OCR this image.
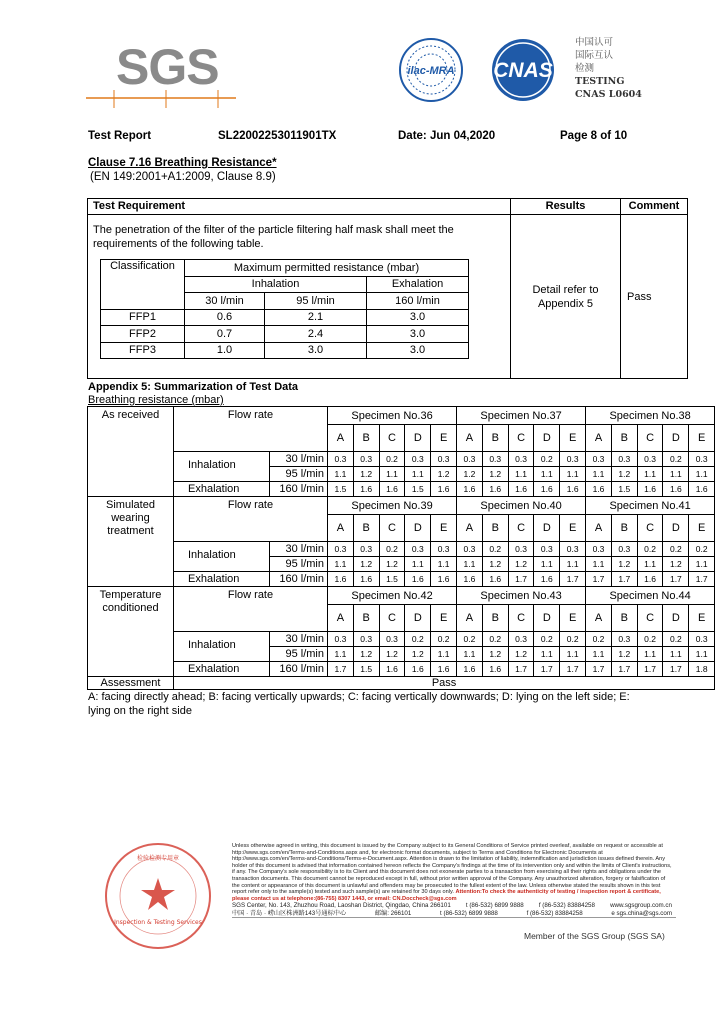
SGS	ilac-MRA CNAS
中国认可
国际互认
检测
TESTING
CNAS L0604
Test Report	SL22002253011901TX	Date: Jun 04,2020	Page 8 of 10
Clause 7.16 Breathing Resistance*
(EN 149:2001+A1:2009, Clause 8.9)
Test Requirement	Results	Comment

The penetration of the filter of the particle filtering half mask shall meet the requirements of the following table.
Classification	Maximum permitted resistance (mbar)
Inhalation	Exhalation
30 l/min	95 l/min	160 l/min
FFP1	0.6	2.1	3.0
FFP2	0.7	2.4	3.0
FFP3	1.0	3.0	3.0
	Detail refer to Appendix 5	Pass
Appendix 5: Summarization of Test Data
Breathing resistance (mbar)
As received	Flow rate		Specimen No.36					Specimen No.37					Specimen No.38				
			A	B	C	D	E	A	B	C	D	E	A	B	C	D	E
	Inhalation	30 l/min	0.3	0.3	0.2	0.3	0.3	0.3	0.3	0.3	0.2	0.3	0.3	0.3	0.3	0.2	0.3
		95 l/min	1.1	1.2	1.1	1.1	1.2	1.2	1.2	1.1	1.1	1.1	1.1	1.2	1.1	1.1	1.1
	Exhalation	160 l/min	1.5	1.6	1.6	1.5	1.6	1.6	1.6	1.6	1.6	1.6	1.6	1.5	1.6	1.6	1.6
Simulated wearing treatment	Flow rate		Specimen No.39					Specimen No.40					Specimen No.41				
			A	B	C	D	E	A	B	C	D	E	A	B	C	D	E
	Inhalation	30 l/min	0.3	0.3	0.2	0.3	0.3	0.3	0.2	0.3	0.3	0.3	0.3	0.3	0.2	0.2	0.2
		95 l/min	1.1	1.2	1.2	1.1	1.1	1.1	1.2	1.2	1.1	1.1	1.1	1.2	1.1	1.2	1.1
	Exhalation	160 l/min	1.6	1.6	1.5	1.6	1.6	1.6	1.6	1.7	1.6	1.7	1.7	1.7	1.6	1.7	1.7
Temperature conditioned	Flow rate		Specimen No.42					Specimen No.43					Specimen No.44				
			A	B	C	D	E	A	B	C	D	E	A	B	C	D	E
	Inhalation	30 l/min	0.3	0.3	0.3	0.2	0.2	0.2	0.2	0.3	0.2	0.2	0.2	0.3	0.2	0.2	0.3
		95 l/min	1.1	1.2	1.2	1.2	1.1	1.1	1.2	1.2	1.1	1.1	1.1	1.2	1.1	1.1	1.1
	Exhalation	160 l/min	1.7	1.5	1.6	1.6	1.6	1.6	1.6	1.7	1.7	1.7	1.7	1.7	1.7	1.7	1.8
Assessment	Pass																
A: facing directly ahead; B: facing vertically upwards; C: facing vertically downwards; D: lying on the left side; E: lying on the right side
Inspection & Testing Services
检验检测专用章
Unless otherwise agreed in writing, this document is issued by the Company subject to its General Conditions of Service printed overleaf, available on request or accessible at http://www.sgs.com/en/Terms-and-Conditions.aspx and, for electronic format documents, subject to Terms and Conditions for Electronic Documents at http://www.sgs.com/en/Terms-and-Conditions/Terms-e-Document.aspx. Attention is drawn to the limitation of liability, indemnification and jurisdiction issues defined therein. Any holder of this document is advised that information contained hereon reflects the Company's findings at the time of its intervention only and within the limits of Client's instructions, if any. The Company's sole responsibility is to its Client and this document does not exonerate parties to a transaction from exercising all their rights and obligations under the transaction documents. This document cannot be reproduced except in full, without prior written approval of the Company. Any unauthorized alteration, forgery or falsification of the content or appearance of this document is unlawful and offenders may be prosecuted to the fullest extent of the law. Unless otherwise stated the results shown in this test report refer only to the sample(s) tested and such sample(s) are retained for 30 days only. Attention:To check the authenticity of testing / inspection report & certificate, please contact us at telephone:(86-755) 8307 1443, or email: CN.Doccheck@sgs.com
SGS Center, No. 143, Zhuzhou Road, Laoshan District, Qingdao, China 266101 t (86-532) 6899 9888 f (86-532) 83884258 www.sgsgroup.com.cn
中国 · 青岛 · 崂山区株洲路143号通标中心	邮编: 266101	t (86-532) 6899 9888	f (86-532) 83884258	e sgs.china@sgs.com
Member of the SGS Group (SGS SA)
